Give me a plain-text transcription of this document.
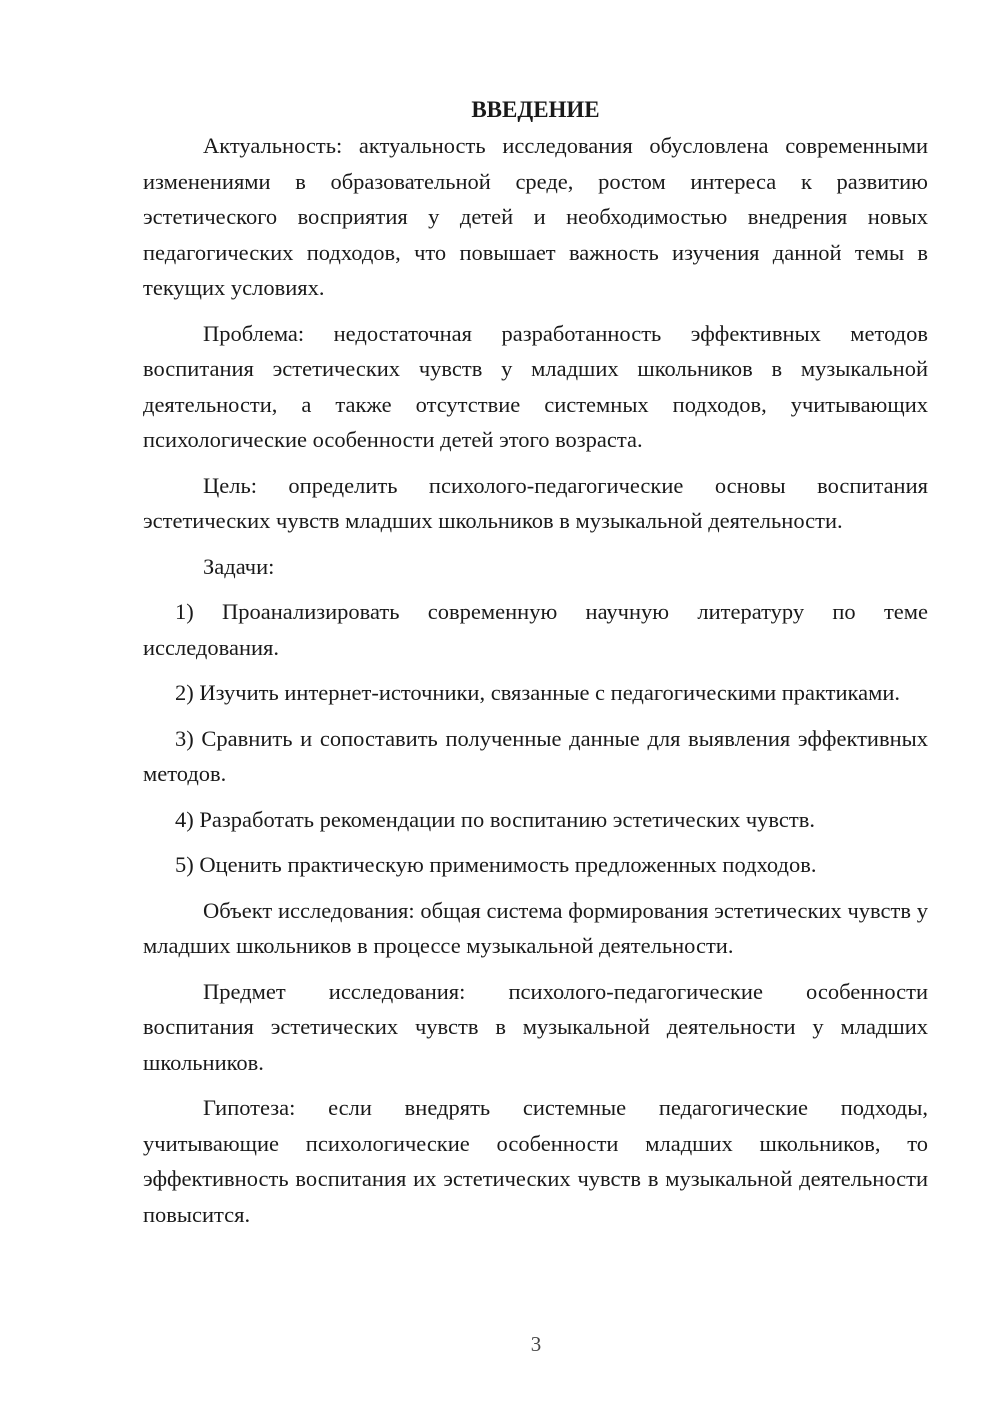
ВВЕДЕНИЕ

Актуальность: актуальность исследования обусловлена современными изменениями в образовательной среде, ростом интереса к развитию эстетического восприятия у детей и необходимостью внедрения новых педагогических подходов, что повышает важность изучения данной темы в текущих условиях.

Проблема: недостаточная разработанность эффективных методов воспитания эстетических чувств у младших школьников в музыкальной деятельности, а также отсутствие системных подходов, учитывающих психологические особенности детей этого возраста.

Цель: определить психолого-педагогические основы воспитания эстетических чувств младших школьников в музыкальной деятельности.

Задачи:

1) Проанализировать современную научную литературу по теме исследования.

2) Изучить интернет-источники, связанные с педагогическими практиками.

3) Сравнить и сопоставить полученные данные для выявления эффективных методов.

4) Разработать рекомендации по воспитанию эстетических чувств.

5) Оценить практическую применимость предложенных подходов.

Объект исследования: общая система формирования эстетических чувств у младших школьников в процессе музыкальной деятельности.

Предмет исследования: психолого-педагогические особенности воспитания эстетических чувств в музыкальной деятельности у младших школьников.

Гипотеза: если внедрять системные педагогические подходы, учитывающие психологические особенности младших школьников, то эффективность воспитания их эстетических чувств в музыкальной деятельности повысится.

3
